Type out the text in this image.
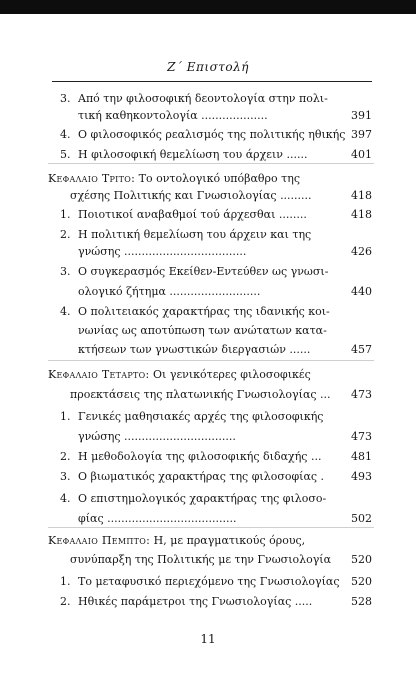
Ζ΄ Επιστολή
3. Από την φιλοσοφική δεοντολογία στην πολι-
τική καθηκοντολογία ...................	391
4. Ο φιλοσοφικός ρεαλισμός της πολιτικής ηθικής 397
5. Η φιλοσοφική θεμελίωση του άρχειν ......	401
Κεφαλαιο Τριτο: Το οντολογικό υπόβαθρο της
σχέσης Πολιτικής και Γνωσιολογίας .........	418
1. Ποιοτικοί αναβαθμοί τού άρχεσθαι ........	418
2. Η πολιτική θεμελίωση του άρχειν και της
γνώσης ...................................	426
3. Ο συγκερασμός Εκείθεν-Εντεύθεν ως γνωσι-
ολογικό ζήτημα ..........................	440
4. Ο πολιτειακός χαρακτήρας της ιδανικής κοι-
νωνίας ως αποτύπωση των ανώτατων κατα-
κτήσεων των γνωστικών διεργασιών ......	457
Κεφαλαιο Τεταρτο: Οι γενικότερες φιλοσοφικές
προεκτάσεις της πλατωνικής Γνωσιολογίας ... 473
1. Γενικές μαθησιακές αρχές της φιλοσοφικής
γνώσης ................................	473
2. Η μεθοδολογία της φιλοσοφικής διδαχής ...	481
3. Ο βιωματικός χαρακτήρας της φιλοσοφίας . 493
4. Ο επιστημολογικός χαρακτήρας της φιλοσο-
φίας .....................................	502
Κεφαλαιο Πεμπτο: Η, με πραγματικούς όρους,
συνύπαρξη της Πολιτικής με την Γνωσιολογία 520
1. Το μεταφυσικό περιεχόμενο της Γνωσιολογίας 520
2. Ηθικές παράμετροι της Γνωσιολογίας .....	528
11
